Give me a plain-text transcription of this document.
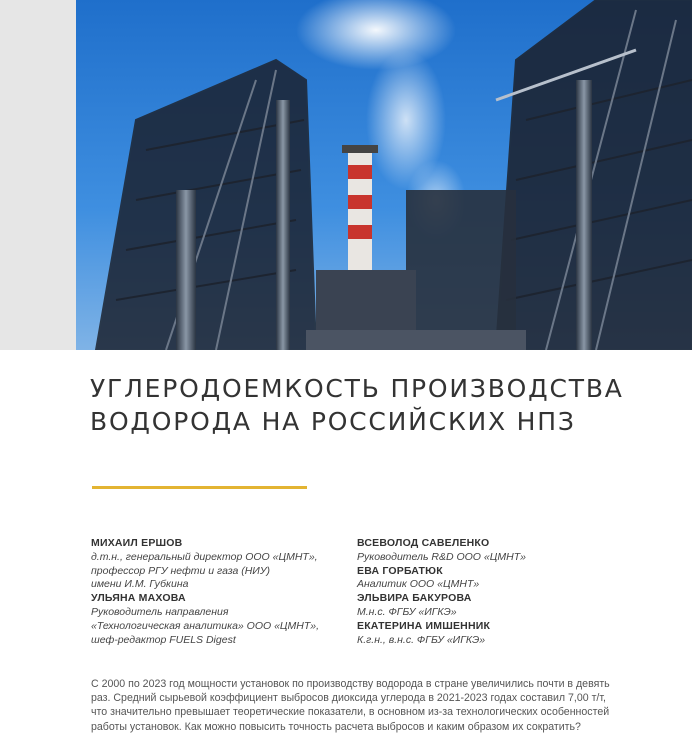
УГЛЕРОДОЕМКОСТЬ ПРОИЗВОДСТВА
ВОДОРОДА НА РОССИЙСКИХ НПЗ
МИХАИЛ ЕРШОВ
д.т.н., генеральный директор ООО «ЦМНТ»,
профессор РГУ нефти и газа (НИУ)
имени И.М. Губкина
УЛЬЯНА МАХОВА
Руководитель направления
«Технологическая аналитика» ООО «ЦМНТ»,
шеф-редактор FUELS Digest
ВСЕВОЛОД САВЕЛЕНКО
Руководитель R&D ООО «ЦМНТ»
ЕВА ГОРБАТЮК
Аналитик ООО «ЦМНТ»
ЭЛЬВИРА БАКУРОВА
М.н.с. ФГБУ «ИГКЭ»
ЕКАТЕРИНА ИМШЕННИК
К.г.н., в.н.с. ФГБУ «ИГКЭ»
С 2000 по 2023 год мощности установок по производству водорода в стране увеличились почти в девять
раз. Средний сырьевой коэффициент выбросов диоксида углерода в 2021-2023 годах составил 7,00 т/т,
что значительно превышает теоретические показатели, в основном из-за технологических особенностей
работы установок. Как можно повысить точность расчета выбросов и каким образом их сократить?
